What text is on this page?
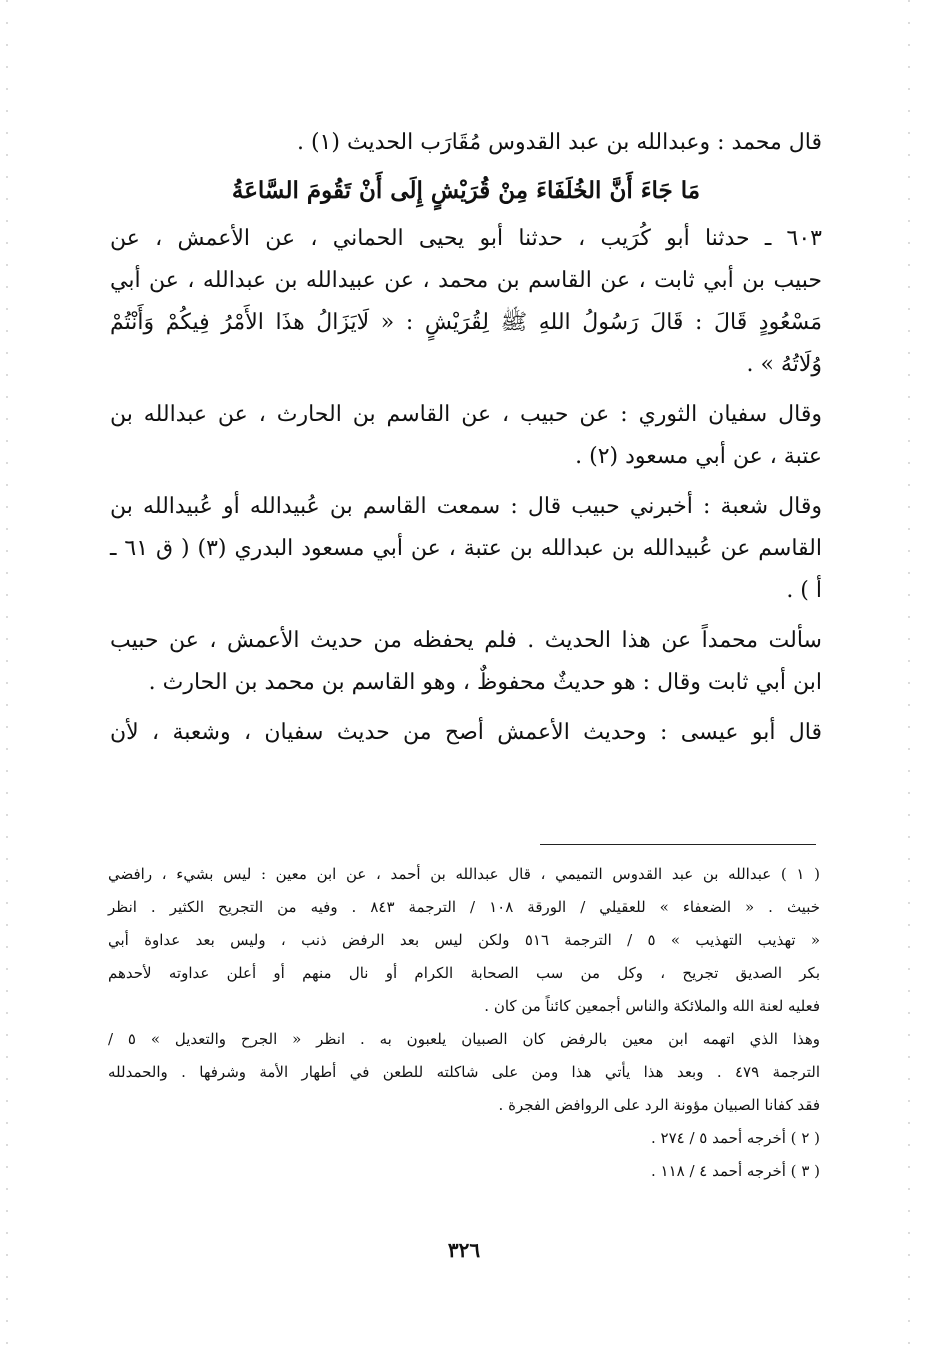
قال محمد : وعبدالله بن عبد القدوس مُقَارَب الحديث (١) .
مَا جَاءَ أَنَّ الخُلَفَاءَ مِنْ قُرَيْشٍ إِلَى أَنْ تَقُومَ السَّاعَةُ
٦٠٣ ـ حدثنا أبو كُرَيب ، حدثنا أبو يحيى الحماني ، عن الأعمش ، عن
حبيب بن أبي ثابت ، عن القاسم بن محمد ، عن عبيدالله بن عبدالله ، عن أبي
مَسْعُودٍ قَالَ : قَالَ رَسُولُ اللهِ ﷺ لِقُرَيْشٍ : « لَايَزَالُ هذَا الأَمْرُ فِيكُمْ وَأَنْتُمْ
وُلَاتُهُ » .
وقال سفيان الثوري : عن حبيب ، عن القاسم بن الحارث ، عن عبدالله بن
عتبة ، عن أبي مسعود (٢) .
وقال شعبة : أخبرني حبيب قال : سمعت القاسم بن عُبيدالله أو عُبيدالله بن
القاسم عن عُبيدالله بن عبدالله بن عتبة ، عن أبي مسعود البدري (٣) ( ق ٦١ ـ
أ ) .
سألت محمداً عن هذا الحديث . فلم يحفظه من حديث الأعمش ، عن حبيب
ابن أبي ثابت وقال : هو حديثٌ محفوظٌ ، وهو القاسم بن محمد بن الحارث .
قال أبو عيسى : وحديث الأعمش أصح من حديث سفيان ، وشعبة ، لأن
( ١ ) عبدالله بن عبد القدوس التميمي ، قال عبدالله بن أحمد ، عن ابن معين : ليس بشيء ، رافضي
خبيث . « الضعفاء » للعقيلي / الورقة ١٠٨ / الترجمة ٨٤٣ . وفيه من التجريح الكثير . انظر
« تهذيب التهذيب » ٥ / الترجمة ٥١٦ ولكن ليس بعد الرفض ذنب ، وليس بعد عداوة أبي
بكر الصديق تجريح ، وكل من سب الصحابة الكرام أو نال منهم أو أعلن عداوته لأحدهم
فعليه لعنة الله والملائكة والناس أجمعين كائناً من كان .
وهذا الذي اتهمه ابن معين بالرفض كان الصبيان يلعبون به . انظر « الجرح والتعديل » ٥ /
الترجمة ٤٧٩ . وبعد هذا يأتي هذا ومن على شاكلته للطعن في أطهار الأمة وشرفها . والحمدلله
فقد كفانا الصبيان مؤونة الرد على الروافض الفجرة .
( ٢ ) أخرجه أحمد ٥ / ٢٧٤ .
( ٣ ) أخرجه أحمد ٤ / ١١٨ .
٣٢٦
